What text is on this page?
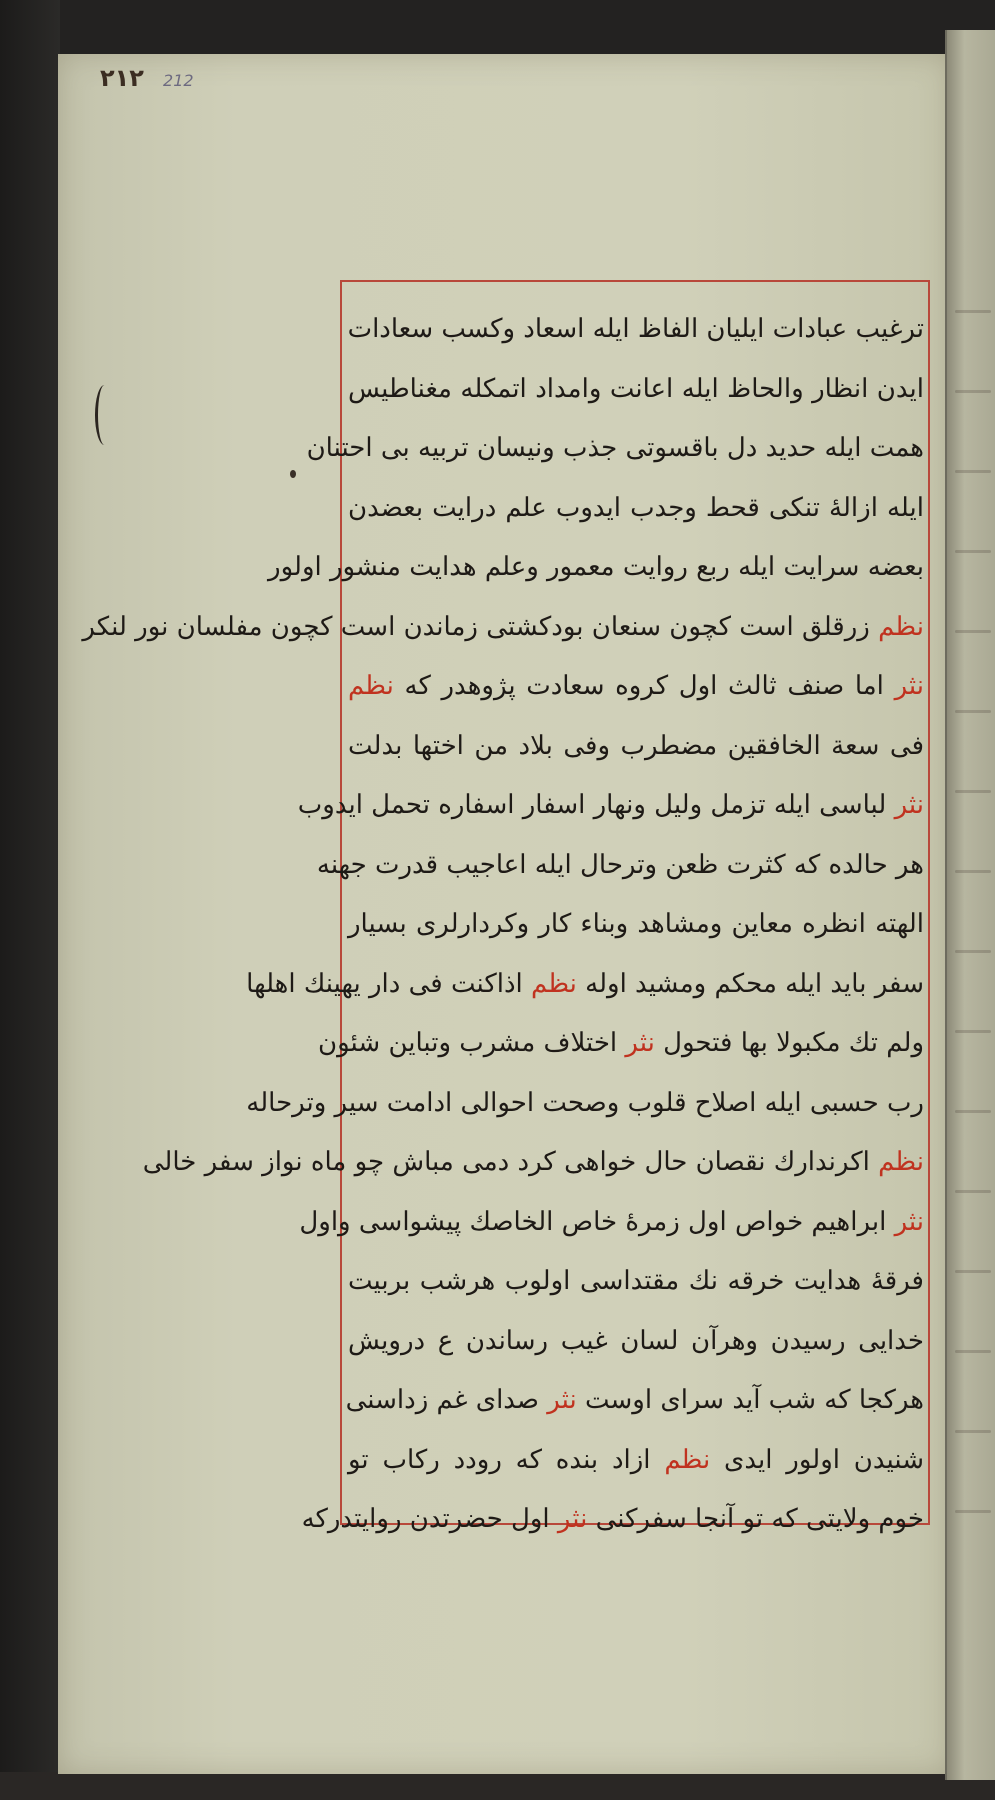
٢١٢ 212
ترغیب عبادات ایلیان الفاظ ایله اسعاد وکسب سعادات
ایدن انظار والحاظ ایله اعانت وامداد اتمکله مغناطیس
همت ایله حدید دل باقسوتی جذب ونیسان تربیه بی احتنان
ایله ازالهٔ تنکی قحط وجدب ایدوب علم درایت بعضدن
بعضه سرایت ایله ربع روایت معمور وعلم هدایت منشور اولور
نظم زرقلق است کچون سنعان بودکشتی زماندن است کچون مفلسان نور لنکر
نثر اما صنف ثالث اول کروه سعادت پژوهدر که نظم
فی سعة الخافقین مضطرب وفی بلاد من اختها بدلت
نثر لباسی ایله تزمل ولیل ونهار اسفار اسفاره تحمل ایدوب
هر حالده که کثرت ظعن وترحال ایله اعاجیب قدرت جهنه
الهته انظره معاین ومشاهد وبناء کار وکردارلری بسیار
سفر باید ایله محکم ومشید اوله نظم اذاکنت فی دار یهینك اهلها
ولم تك مکبولا بها فتحول نثر اختلاف مشرب وتباین شئون
رب حسبی ایله اصلاح قلوب وصحت احوالی ادامت سیر وترحاله
نظم اکرندارك نقصان حال خواهی کرد دمی مباش چو ماه نواز سفر خالی
نثر ابراهیم خواص اول زمرهٔ خاص الخاصك پیشواسی واول
فرقهٔ هدایت خرقه نك مقتداسی اولوب هرشب بربیت
خدایی رسیدن وهرآن لسان غیب رساندن ع درویش
هرکجا که شب آید سرای اوست نثر صدای غم زداسنی
شنیدن اولور ایدی نظم ازاد بنده که رودد رکاب تو
خوم ولایتی که تو آنجا سفرکنی نثر اول حضرتدن روایتدرکه
